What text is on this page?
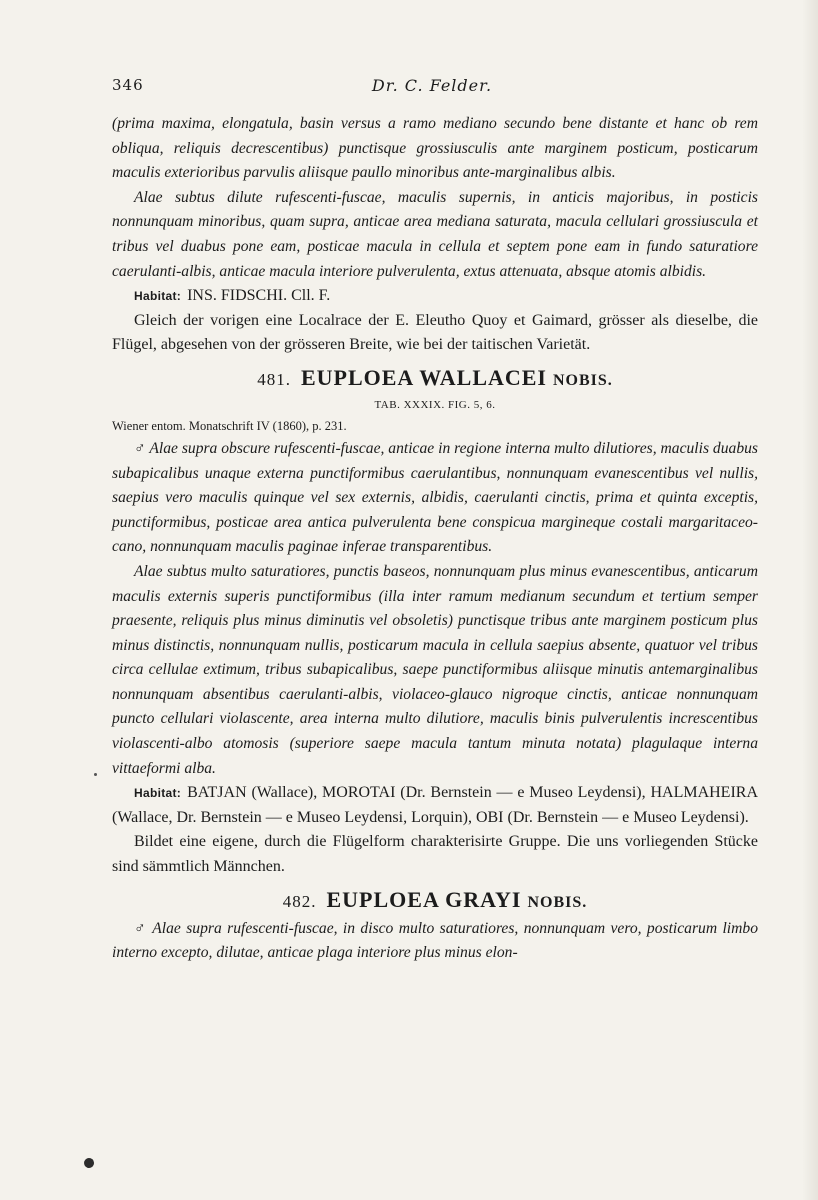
346	Dr. C. Felder.

(prima maxima, elongatula, basin versus a ramo mediano secundo bene distante et hanc ob rem obliqua, reliquis decrescentibus) punctisque grossiusculis ante marginem posticum, posticarum maculis exterioribus parvulis aliisque paullo minoribus ante-marginalibus albis.

Alae subtus dilute rufescenti-fuscae, maculis supernis, in anticis majoribus, in posticis nonnunquam minoribus, quam supra, anticae area mediana saturata, macula cellulari grossiuscula et tribus vel duabus pone eam, posticae macula in cellula et septem pone eam in fundo saturatiore caerulanti-albis, anticae macula interiore pulverulenta, extus attenuata, absque atomis albidis.

Habitat: INS. FIDSCHI. Cll. F.

Gleich der vorigen eine Localrace der E. Eleutho Quoy et Gaimard, grösser als dieselbe, die Flügel, abgesehen von der grösseren Breite, wie bei der taitischen Varietät.

481. EUPLOEA WALLACEI NOBIS.
TAB. XXXIX. FIG. 5, 6.
Wiener entom. Monatschrift IV (1860), p. 231.

♂ Alae supra obscure rufescenti-fuscae, anticae in regione interna multo dilutiores, maculis duabus subapicalibus unaque externa punctiformibus caerulantibus, nonnunquam evanescentibus vel nullis, saepius vero maculis quinque vel sex externis, albidis, caerulanti cinctis, prima et quinta exceptis, punctiformibus, posticae area antica pulverulenta bene conspicua margineque costali margaritaceo-cano, nonnunquam maculis paginae inferae transparentibus.

Alae subtus multo saturatiores, punctis baseos, nonnunquam plus minus evanescentibus, anticarum maculis externis superis punctiformibus (illa inter ramum medianum secundum et tertium semper praesente, reliquis plus minus diminutis vel obsoletis) punctisque tribus ante marginem posticum plus minus distinctis, nonnunquam nullis, posticarum macula in cellula saepius absente, quatuor vel tribus circa cellulae extimum, tribus subapicalibus, saepe punctiformibus aliisque minutis antemarginalibus nonnunquam absentibus caerulanti-albis, violaceo-glauco nigroque cinctis, anticae nonnunquam puncto cellulari violascente, area interna multo dilutiore, maculis binis pulverulentis increscentibus violascenti-albo atomosis (superiore saepe macula tantum minuta notata) plagulaque interna vittaeformi alba.

Habitat: BATJAN (Wallace), MOROTAI (Dr. Bernstein — e Museo Leydensi), HALMAHEIRA (Wallace, Dr. Bernstein — e Museo Leydensi, Lorquin), OBI (Dr. Bernstein — e Museo Leydensi).

Bildet eine eigene, durch die Flügelform charakterisirte Gruppe. Die uns vorliegenden Stücke sind sämmtlich Männchen.

482. EUPLOEA GRAYI NOBIS.

♂ Alae supra rufescenti-fuscae, in disco multo saturatiores, nonnunquam vero, posticarum limbo interno excepto, dilutae, anticae plaga interiore plus minus elon-
